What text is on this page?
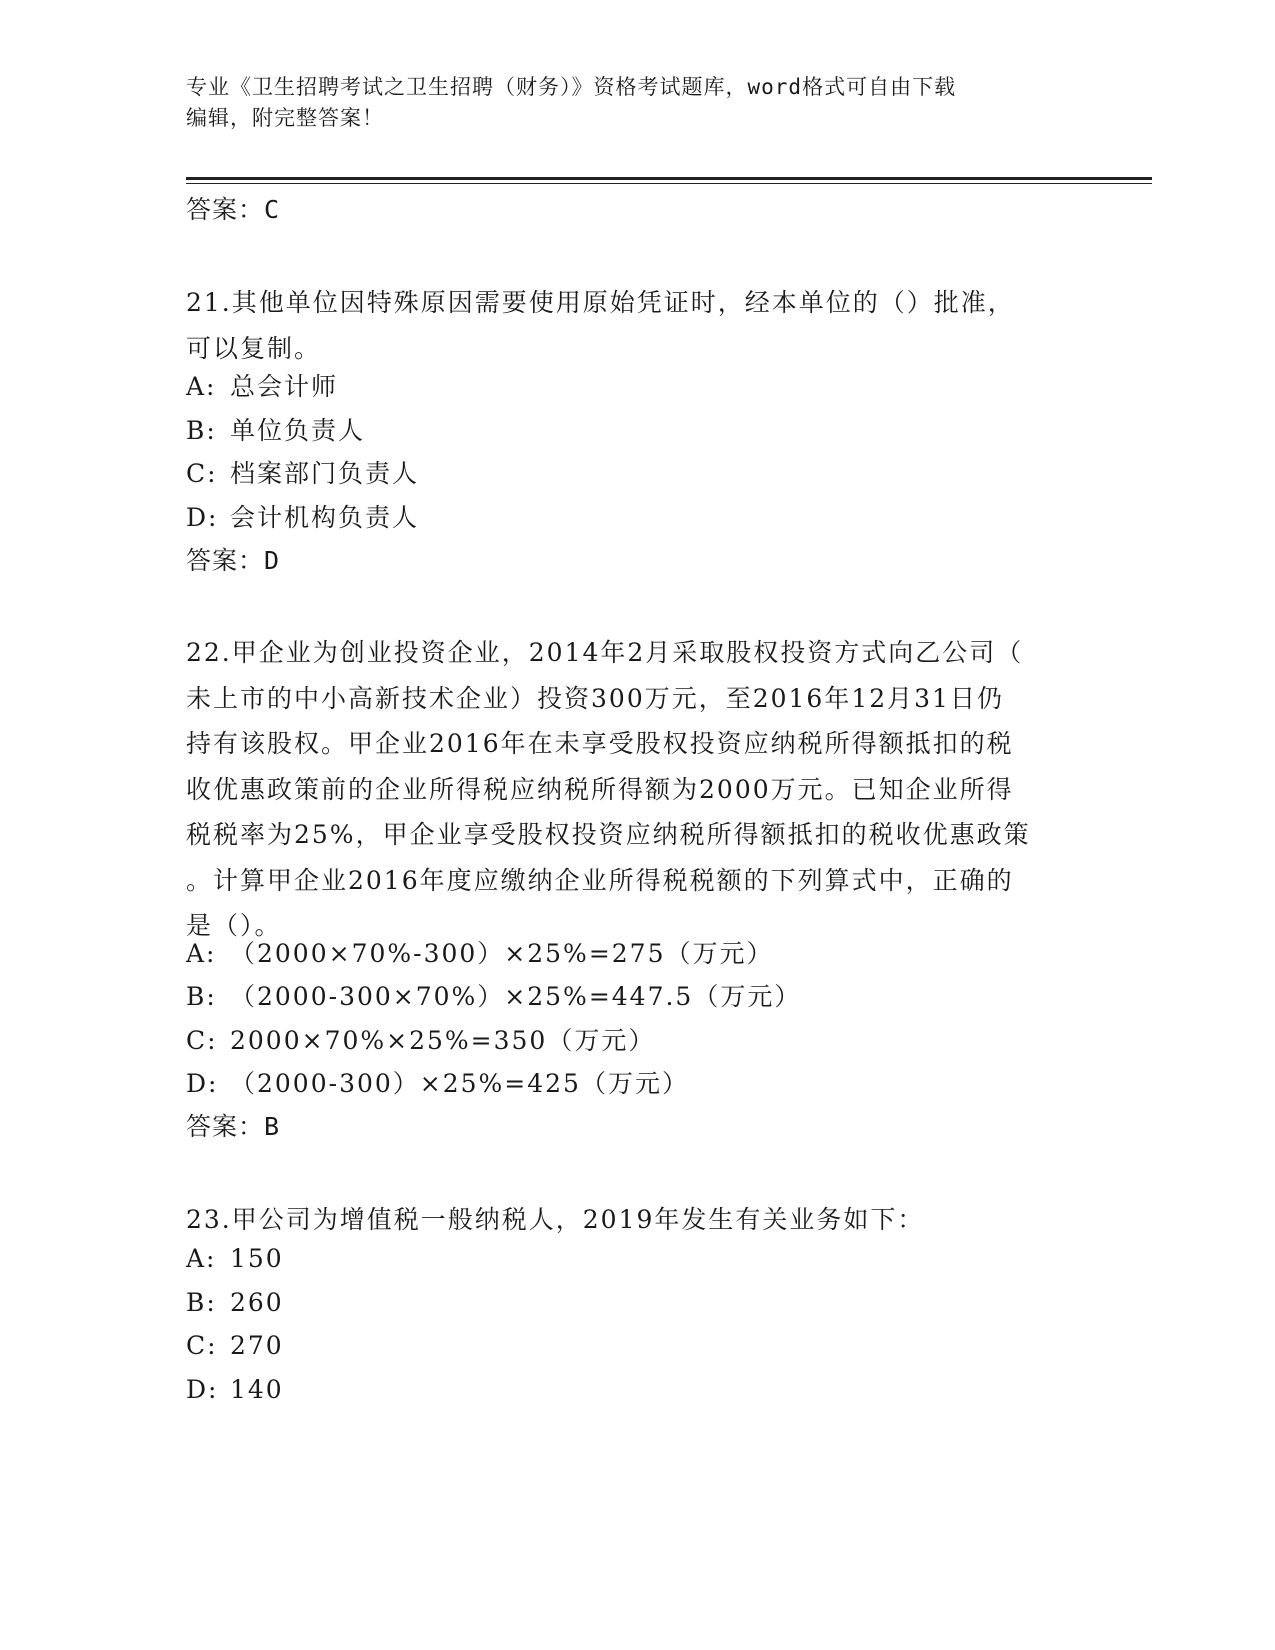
专业《卫生招聘考试之卫生招聘（财务）》资格考试题库，word格式可自由下载
编辑，附完整答案！
答案：C
21.其他单位因特殊原因需要使用原始凭证时，经本单位的（）批准，
可以复制。
A: 总会计师
B: 单位负责人
C: 档案部门负责人
D: 会计机构负责人
答案：D
22.甲企业为创业投资企业，2014年2月采取股权投资方式向乙公司（
未上市的中小高新技术企业）投资300万元，至2016年12月31日仍
持有该股权。甲企业2016年在未享受股权投资应纳税所得额抵扣的税
收优惠政策前的企业所得税应纳税所得额为2000万元。已知企业所得
税税率为25%，甲企业享受股权投资应纳税所得额抵扣的税收优惠政策
。计算甲企业2016年度应缴纳企业所得税税额的下列算式中，正确的
是（）。
A: （2000×70%-300）×25%=275（万元）
B: （2000-300×70%）×25%=447.5（万元）
C: 2000×70%×25%=350（万元）
D: （2000-300）×25%=425（万元）
答案：B
23.甲公司为增值税一般纳税人，2019年发生有关业务如下：
A: 150
B: 260
C: 270
D: 140
